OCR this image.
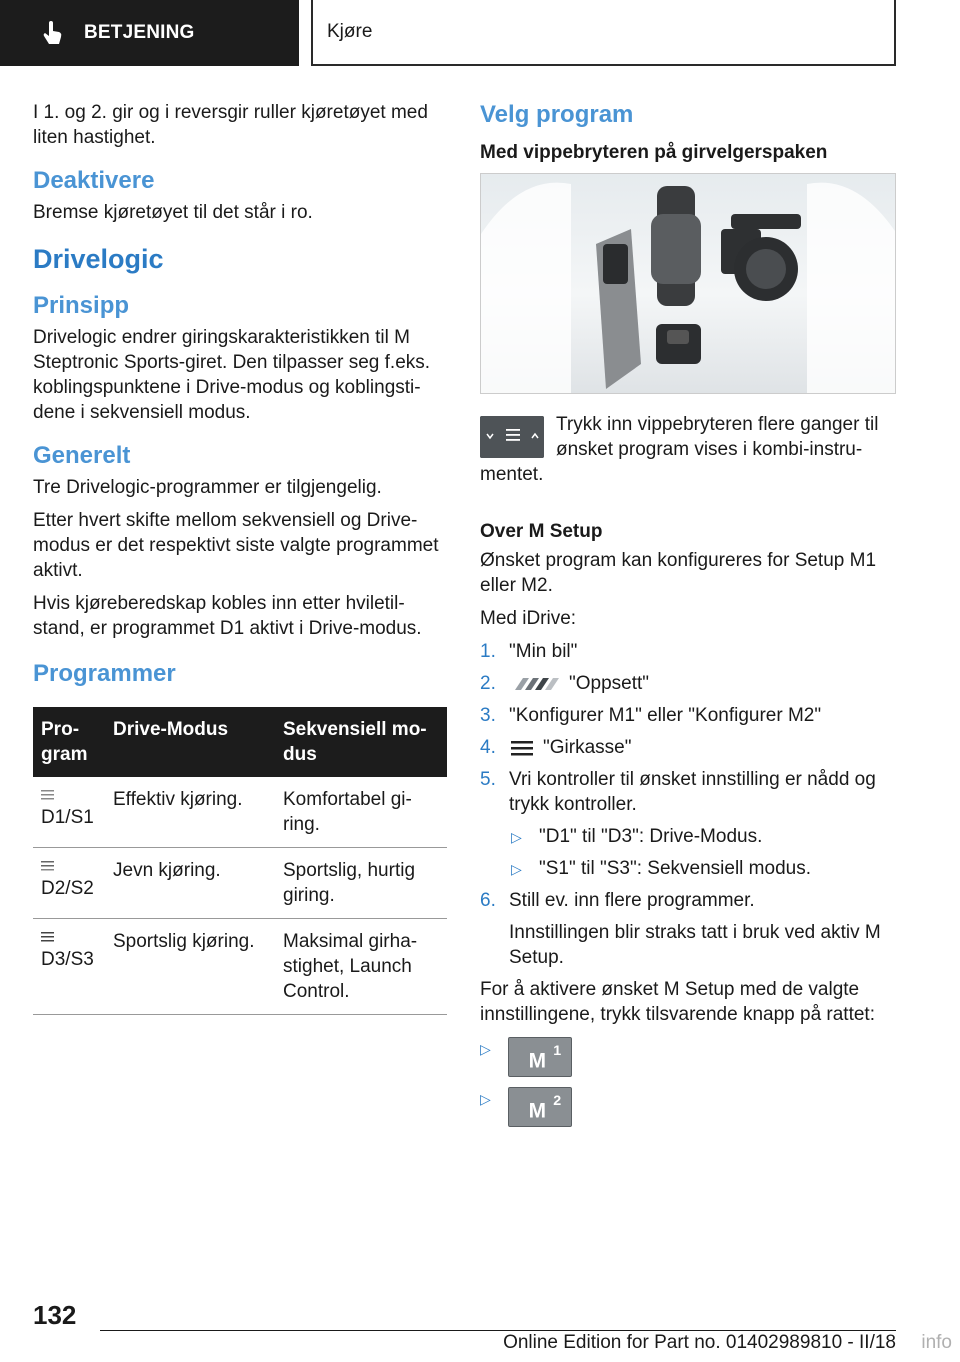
BETJENING	Kjøre

I 1. og 2. gir og i reversgir ruller kjøretøyet med liten hastighet.

Deaktivere

Bremse kjøretøyet til det står i ro.

Drivelogic
Prinsipp

Drivelogic endrer giringskarakteristikken til M Steptronic Sports-giret. Den tilpasser seg f.eks. koblingspunktene i Drive-modus og koblingstidene i sekvensiell modus.

Generelt

Tre Drivelogic-programmer er tilgjengelig.

Etter hvert skifte mellom sekvensiell og Drive-modus er det respektivt siste valgte programmet aktivt.

Hvis kjøreberedskap kobles inn etter hviletilstand, er programmet D1 aktivt i Drive-modus.

Programmer
Program	Drive-Modus	Sekvensiell modus

D1/S1	Effektiv kjøring.	Komfortabel giring.

D2/S2	Jevn kjøring.	Sportslig, hurtig giring.

D3/S3	Sportslig kjøring.	Maksimal girhastighet, Launch Control.
Velg program
Med vippebryteren på girvelgerspaken

Trykk inn vippebryteren flere ganger til ønsket program vises i kombi-instrumentet.

Over M Setup

Ønsket program kan konfigureres for Setup M1 eller M2.

Med iDrive:

1. "Min bil"
2.	"Oppsett"
3. "Konfigurer M1" eller "Konfigurer M2"
4. "Girkasse"
5. Vri kontroller til ønsket innstilling er nådd og trykk kontroller.
▷ "D1" til "D3": Drive-Modus.
▷ "S1" til "S3": Sekvensiell modus.
6. Still ev. inn flere programmer.
Innstillingen blir straks tatt i bruk ved aktiv M Setup.

For å aktivere ønsket M Setup med de valgte innstillingene, trykk tilsvarende knapp på rattet:

▷
M 1
▷
M 2
132
Online Edition for Part no. 01402989810 - II/18 info
